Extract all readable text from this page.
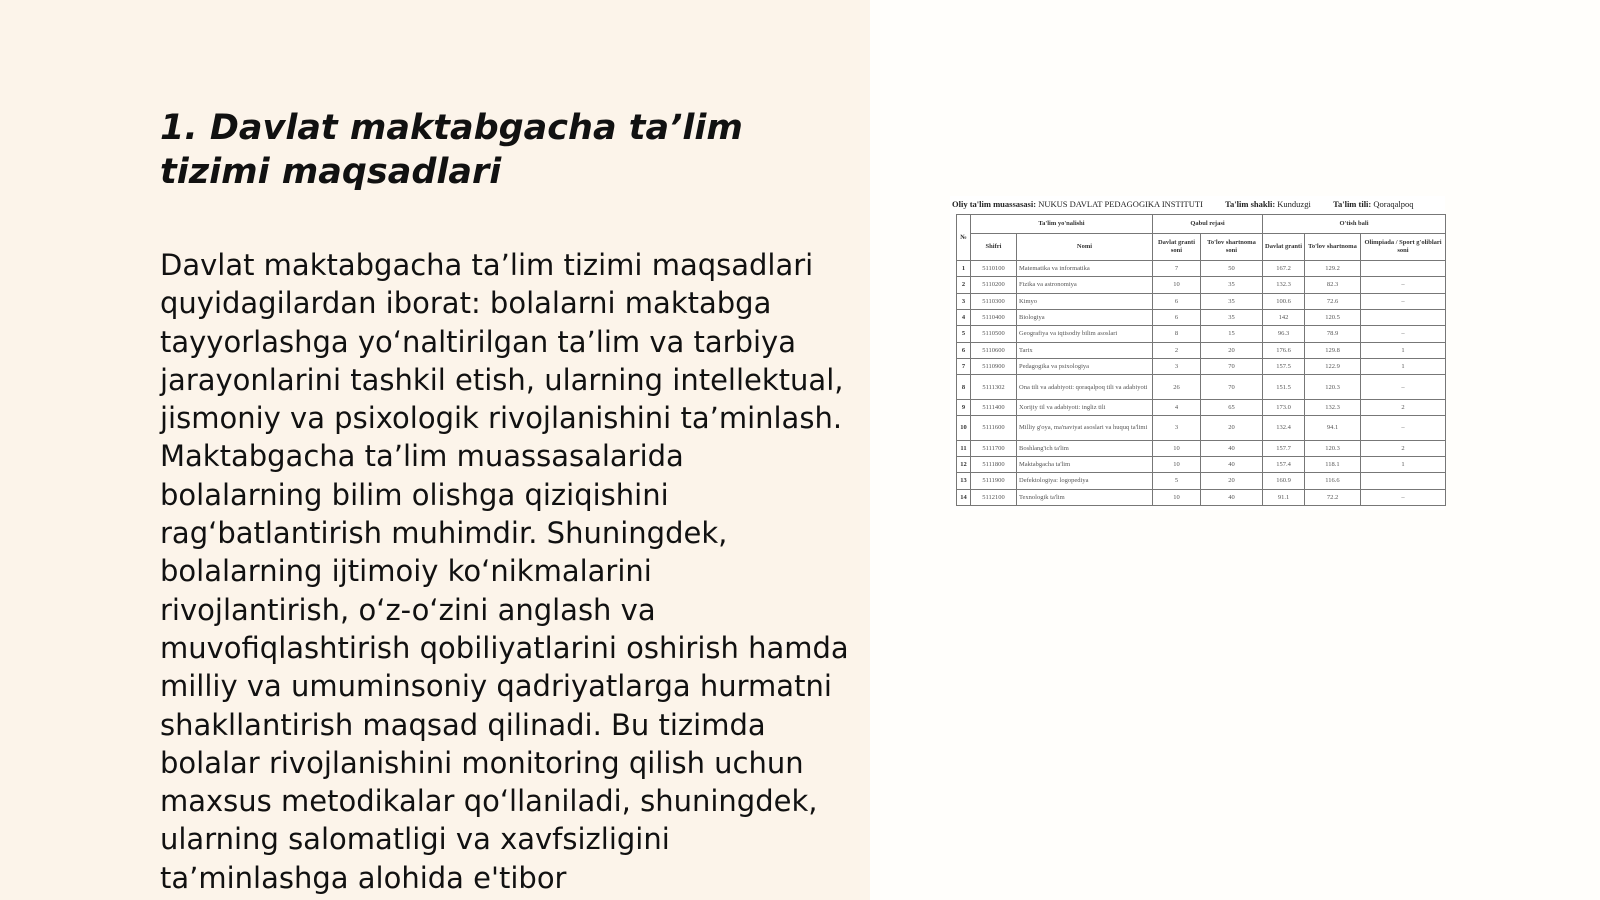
1. Davlat maktabgacha ta’lim tizimi maqsadlari

Davlat maktabgacha ta’lim tizimi maqsadlari quyidagilardan iborat: bolalarni maktabga tayyorlashga yo‘naltirilgan ta’lim va tarbiya jarayonlarini tashkil etish, ularning intellektual, jismoniy va psixologik rivojlanishini ta’minlash. Maktabgacha ta’lim muassasalarida bolalarning bilim olishga qiziqishini rag‘batlantirish muhimdir. Shuningdek, bolalarning ijtimoiy ko‘nikmalarini rivojlantirish, o‘z-o‘zini anglash va muvofiqlashtirish qobiliyatlarini oshirish hamda milliy va umuminsoniy qadriyatlarga hurmatni shakllantirish maqsad qilinadi. Bu tizimda bolalar rivojlanishini monitoring qilish uchun maxsus metodikalar qo‘llaniladi, shuningdek, ularning salomatligi va xavfsizligini ta’minlashga alohida e'tibor

Oliy ta'lim muassasasi: NUKUS DAVLAT PEDAGOGIKA INSTITUTI	Ta'lim shakli: Kunduzgi	Ta'lim tili: Qoraqalpoq
№	Ta'lim yo'nalishi		Qabul rejasi		O'tish bali		
	Shifri	Nomi	Davlat granti soni	To'lov shartnoma soni	Davlat granti	To'lov shartnoma	Olimpiada / Sport g'oliblari soni
1	5110100	Matematika va informatika	7	50	167.2	129.2	
2	5110200	Fizika va astronomiya	10	35	132.3	82.3	–
3	5110300	Kimyo	6	35	100.6	72.6	–
4	5110400	Biologiya	6	35	142	120.5	
5	5110500	Geografiya va iqtisodiy bilim asoslari	8	15	96.3	78.9	–
6	5110600	Tarix	2	20	176.6	129.8	1
7	5110900	Pedagogika va psixologiya	3	70	157.5	122.9	1
8	5111302	Ona tili va adabiyoti: qoraqalpoq tili va adabiyoti	26	70	151.5	120.3	–
9	5111400	Xorijiy til va adabiyoti: ingliz tili	4	65	173.0	132.3	2
10	5111600	Milliy g'oya, ma'naviyat asoslari va huquq ta'limi	3	20	132.4	94.1	–
11	5111700	Boshlang'ich ta'lim	10	40	157.7	120.3	2
12	5111800	Maktabgacha ta'lim	10	40	157.4	118.1	1
13	5111900	Defektologiya: logopediya	5	20	160.9	116.6	
14	5112100	Texnologik ta'lim	10	40	91.1	72.2	–
